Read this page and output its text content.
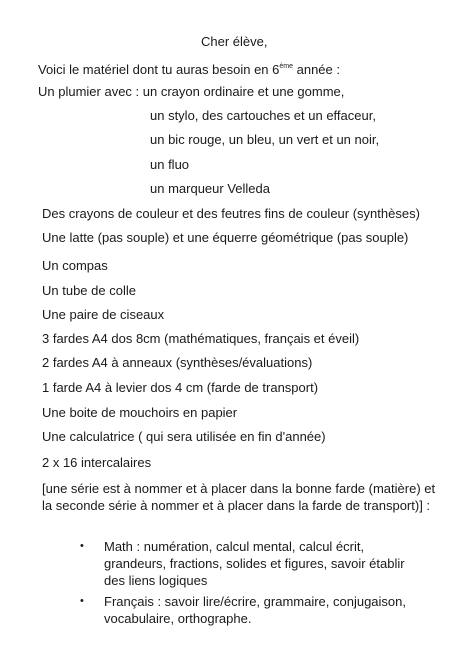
Cher élève,
Voici le matériel dont tu auras besoin en 6ème année :
Un plumier avec : un crayon ordinaire et une gomme,
un stylo, des cartouches et un effaceur,
un bic rouge, un bleu, un vert et un noir,
un fluo
un marqueur Velleda
Des crayons de couleur et des feutres fins de couleur (synthèses)
Une latte (pas souple) et une équerre géométrique (pas souple)
Un compas
Un tube de colle
Une paire de ciseaux
3 fardes A4 dos 8cm (mathématiques, français et éveil)
2 fardes A4 à anneaux (synthèses/évaluations)
1 farde A4 à levier dos 4 cm (farde de transport)
Une boite de mouchoirs en papier
Une calculatrice ( qui sera utilisée en fin d'année)
2 x 16 intercalaires
[une série est à nommer et à placer dans la bonne farde (matière) et la seconde série à nommer et à placer dans la farde de transport)] :
• Math : numération, calcul mental, calcul écrit,
grandeurs, fractions, solides et figures, savoir établir
des liens logiques
• Français : savoir lire/écrire, grammaire, conjugaison,
vocabulaire, orthographe.
